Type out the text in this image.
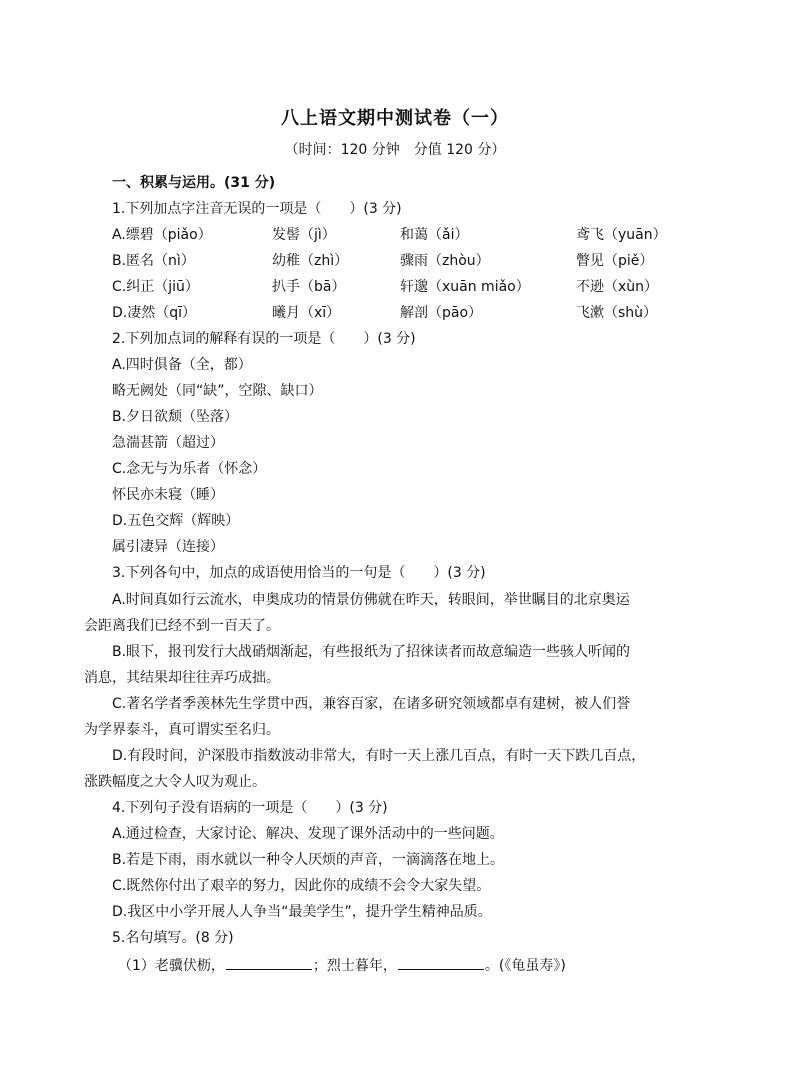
八上语文期中测试卷（一）
（时间：120 分钟　分值 120 分）
一、积累与运用。(31 分)
1.下列加点字注音无误的一项是（　　）(3 分)
A.缥碧（piǎo）	发髻（jì）	和蔼（ǎi）	鸢飞（yuān）
B.匿名（nì）	幼稚（zhì）	骤雨（zhòu）	瞥见（piě）
C.纠正（jiū）	扒手（bā）	轩邈（xuān miǎo）	不逊（xùn）
D.凄然（qī）	曦月（xī）	解剖（pāo）	飞漱（shù）
2.下列加点词的解释有误的一项是（　　）(3 分)
A.四时俱备（全，都）
略无阙处（同“缺”，空隙、缺口）
B.夕日欲颓（坠落）
急湍甚箭（超过）
C.念无与为乐者（怀念）
怀民亦未寝（睡）
D.五色交辉（辉映）
属引凄异（连接）
3.下列各句中，加点的成语使用恰当的一句是（　　）(3 分)
A.时间真如行云流水，申奥成功的情景仿佛就在昨天，转眼间，举世瞩目的北京奥运
会距离我们已经不到一百天了。
B.眼下，报刊发行大战硝烟渐起，有些报纸为了招徕读者而故意编造一些骇人听闻的
消息，其结果却往往弄巧成拙。
C.著名学者季羡林先生学贯中西，兼容百家，在诸多研究领域都卓有建树，被人们誉
为学界泰斗，真可谓实至名归。
D.有段时间，沪深股市指数波动非常大，有时一天上涨几百点，有时一天下跌几百点，
涨跌幅度之大令人叹为观止。
4.下列句子没有语病的一项是（　　）(3 分)
A.通过检查，大家讨论、解决、发现了课外活动中的一些问题。
B.若是下雨，雨水就以一种令人厌烦的声音，一滴滴落在地上。
C.既然你付出了艰辛的努力，因此你的成绩不会令大家失望。
D.我区中小学开展人人争当“最美学生”，提升学生精神品质。
5.名句填写。(8 分)
（1）老骥伏枥，	；烈士暮年，	。(《龟虽寿》)
